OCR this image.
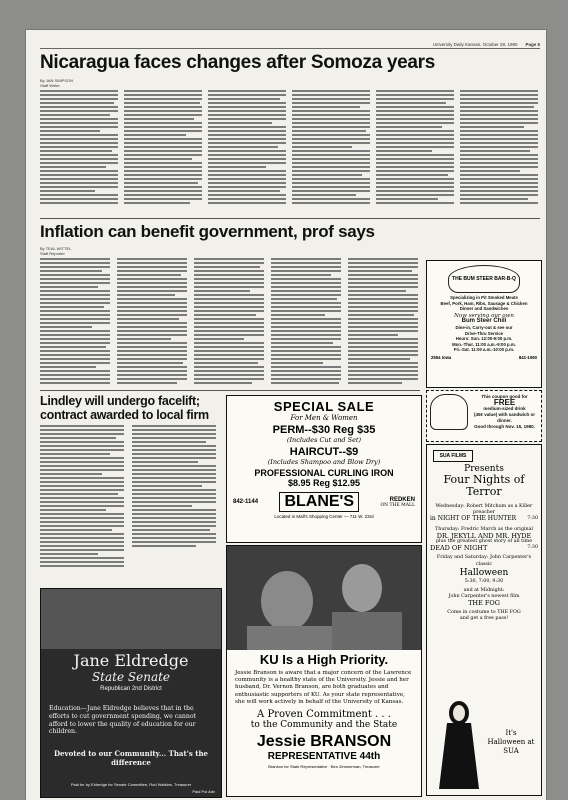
University Daily Kansan, October 28, 1980 Page 5
Nicaragua faces changes after Somoza years
By JAN SIMPSON
Staff Writer
Inflation can benefit government, prof says
By TEAL WITTEL
Staff Reporter
THE BUM STEER BAR-B-Q
Specializing in Pit Smoked Meats
Beef, Pork, Ham, Ribs, Sausage & Chicken
Dinner and Sandwiches
Now serving our own
Bum Steer Chili
Dine-in, Carry-out & see our
Drive-Thru Service
Hours: Sun. 12:00-9:00 p.m.
Mon.-Thur. 11:00 a.m.-9:00 p.m.
Fri.-Sat. 11:00 a.m.-10:00 p.m.
2554 Iowa	841-1060
This coupon good for
FREE
medium-sized drink
(45¢ value) with sandwich or dinner.
Good through Nov. 15, 1980.
Lindley will undergo facelift; contract awarded to local firm
SPECIAL SALE
For Men & Women
PERM--$30 Reg $35
(Includes Cut and Set)
HAIRCUT--$9
(Includes Shampoo and Blow Dry)
PROFESSIONAL CURLING IRON
$8.95 Reg $12.95
842-1144	BLANE'S	REDKEN
ON THE MALL
Located in Mall's Shopping Center — 711 W. 23rd
SUA FILMS
Presents
Four Nights of Terror
Wednesday: Robert Mitchum as a Killer preacher
in NIGHT OF THE HUNTER 7:30
Thursday: Fredric March as the original
DR. JEKYLL AND MR. HYDE
plus the greatest ghost story of all time
DEAD OF NIGHT	7:30
Friday and Saturday: John Carpenter's classic
Halloween
5:30, 7:00, 9:30
and at Midnight:
John Carpenter's newest film
THE FOG
Come in costume to THE FOG
and get a free pass!
It's Halloween at SUA
Jane Eldredge
State Senate
Republican 2nd District
Education—Jane Eldredge believes that in the efforts to cut government spending, we cannot afford to lower the quality of education for our children.
Devoted to our Community... That's the difference
Paid for by Eldredge for Senate Committee, Rod Watkins, Treasurer
Paid Pol Adv
KU Is a High Priority.
Jessie Branson is aware that a major concern of the Lawrence community is a healthy state of the University. Jessie and her husband, Dr. Vernon Branson, are both graduates and enthusiastic supporters of KU. As your state representative, she will work actively in behalf of the University of Kansas.
A Proven Commitment . . .
to the Community and the State
Jessie BRANSON
REPRESENTATIVE 44th
Branson for State Representative · Ben Zimmerman, Treasurer
